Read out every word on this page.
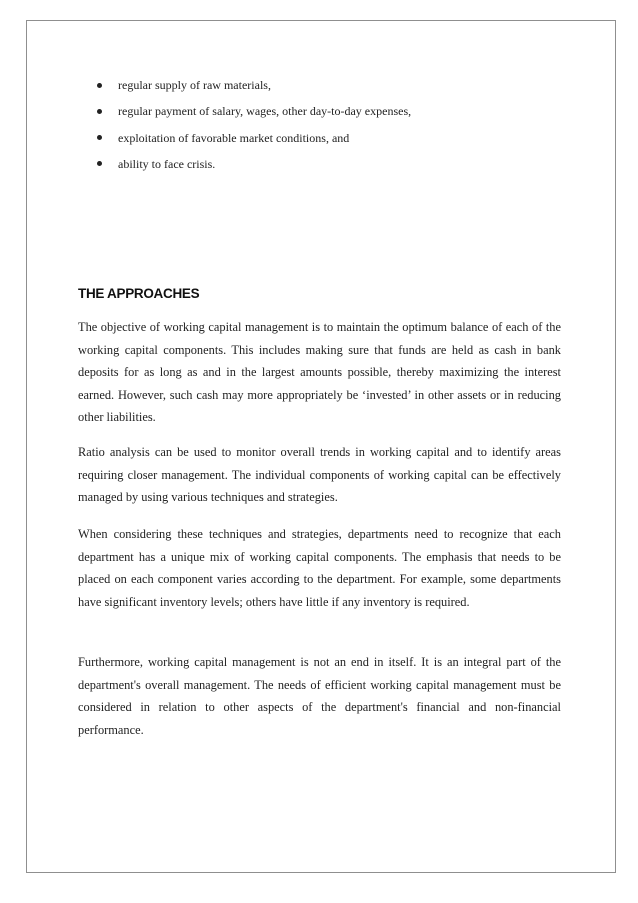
regular supply of raw materials,
regular payment of salary, wages, other day-to-day expenses,
exploitation of favorable market conditions, and
ability to face crisis.
THE APPROACHES

The objective of working capital management is to maintain the optimum balance of each of the working capital components. This includes making sure that funds are held as cash in bank deposits for as long as and in the largest amounts possible, thereby maximizing the interest earned. However, such cash may more appropriately be ‘invested’ in other assets or in reducing other liabilities.

Ratio analysis can be used to monitor overall trends in working capital and to identify areas requiring closer management. The individual components of working capital can be effectively managed by using various techniques and strategies.

When considering these techniques and strategies, departments need to recognize that each department has a unique mix of working capital components. The emphasis that needs to be placed on each component varies according to the department. For example, some departments have significant inventory levels; others have little if any inventory is required.

Furthermore, working capital management is not an end in itself. It is an integral part of the department's overall management. The needs of efficient working capital management must be considered in relation to other aspects of the department's financial and non-financial performance.
